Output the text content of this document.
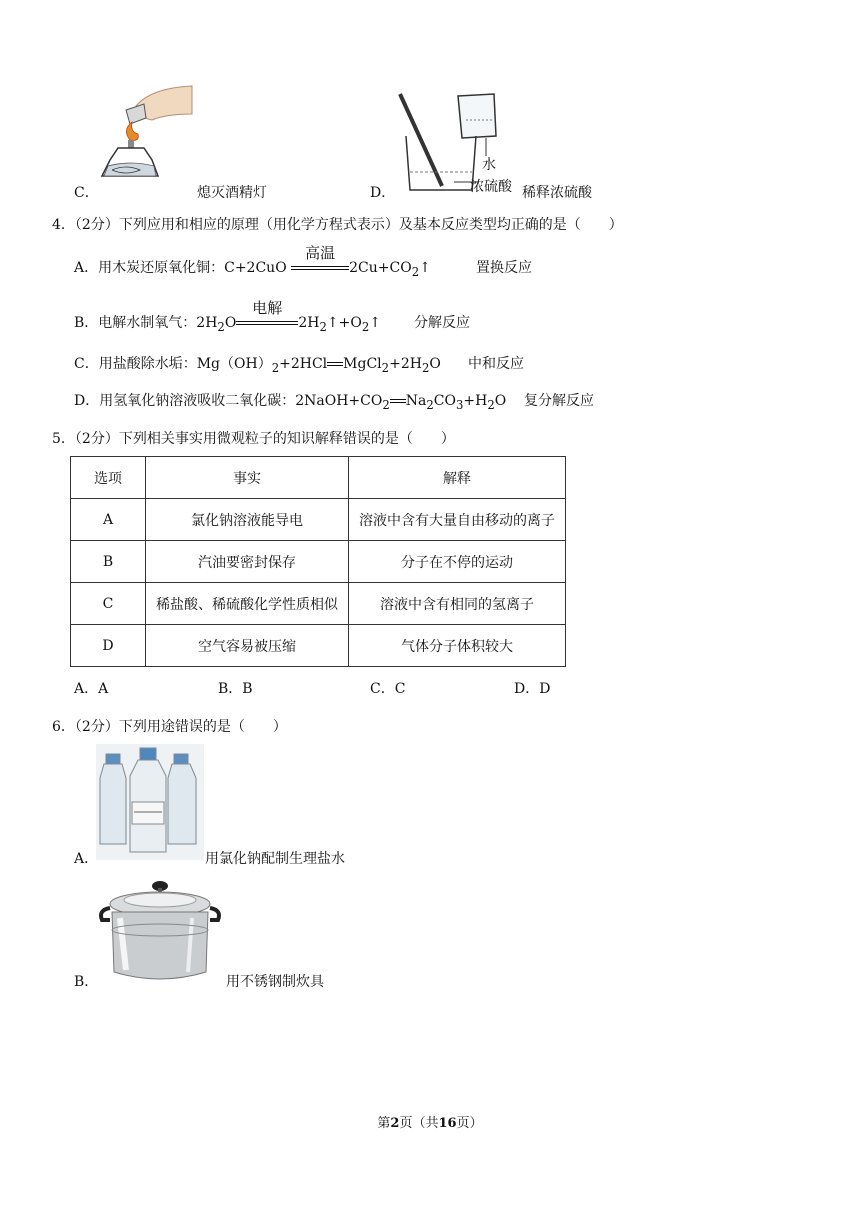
C．	熄灭酒精灯
水
浓硫酸
D．	稀释浓硫酸
4．（2分）下列应用和相应的原理（用化学方程式表示）及基本反应类型均正确的是（　　）
A．用木炭还原氧化铜：C+2CuO
高温
$2Cu+CO_2↑$	置换反应
B．电解水制氧气：$2H_2O$
电解
$2H_2↑+O_2↑$ 分解反应
C．用盐酸除水垢：$Mg(OH)_2+2HCl$ $MgCl_2+2H_2O$ 中和反应
D．用氢氧化钠溶液吸收二氧化碳：$2NaOH+CO_2$ $Na_2CO_3+H_2O$ 复分解反应
5．（2分）下列相关事实用微观粒子的知识解释错误的是（　　）
选项	事实	解释
A	氯化钠溶液能导电	溶液中含有大量自由移动的离子
B	汽油要密封保存	分子在不停的运动
C	稀盐酸、稀硫酸化学性质相似	溶液中含有相同的氢离子
D	空气容易被压缩	气体分子体积较大
A．A	B．B	C．C	D．D
6．（2分）下列用途错误的是（　　）
A．	用氯化钠配制生理盐水
B．	用不锈钢制炊具
第2页（共16页）
